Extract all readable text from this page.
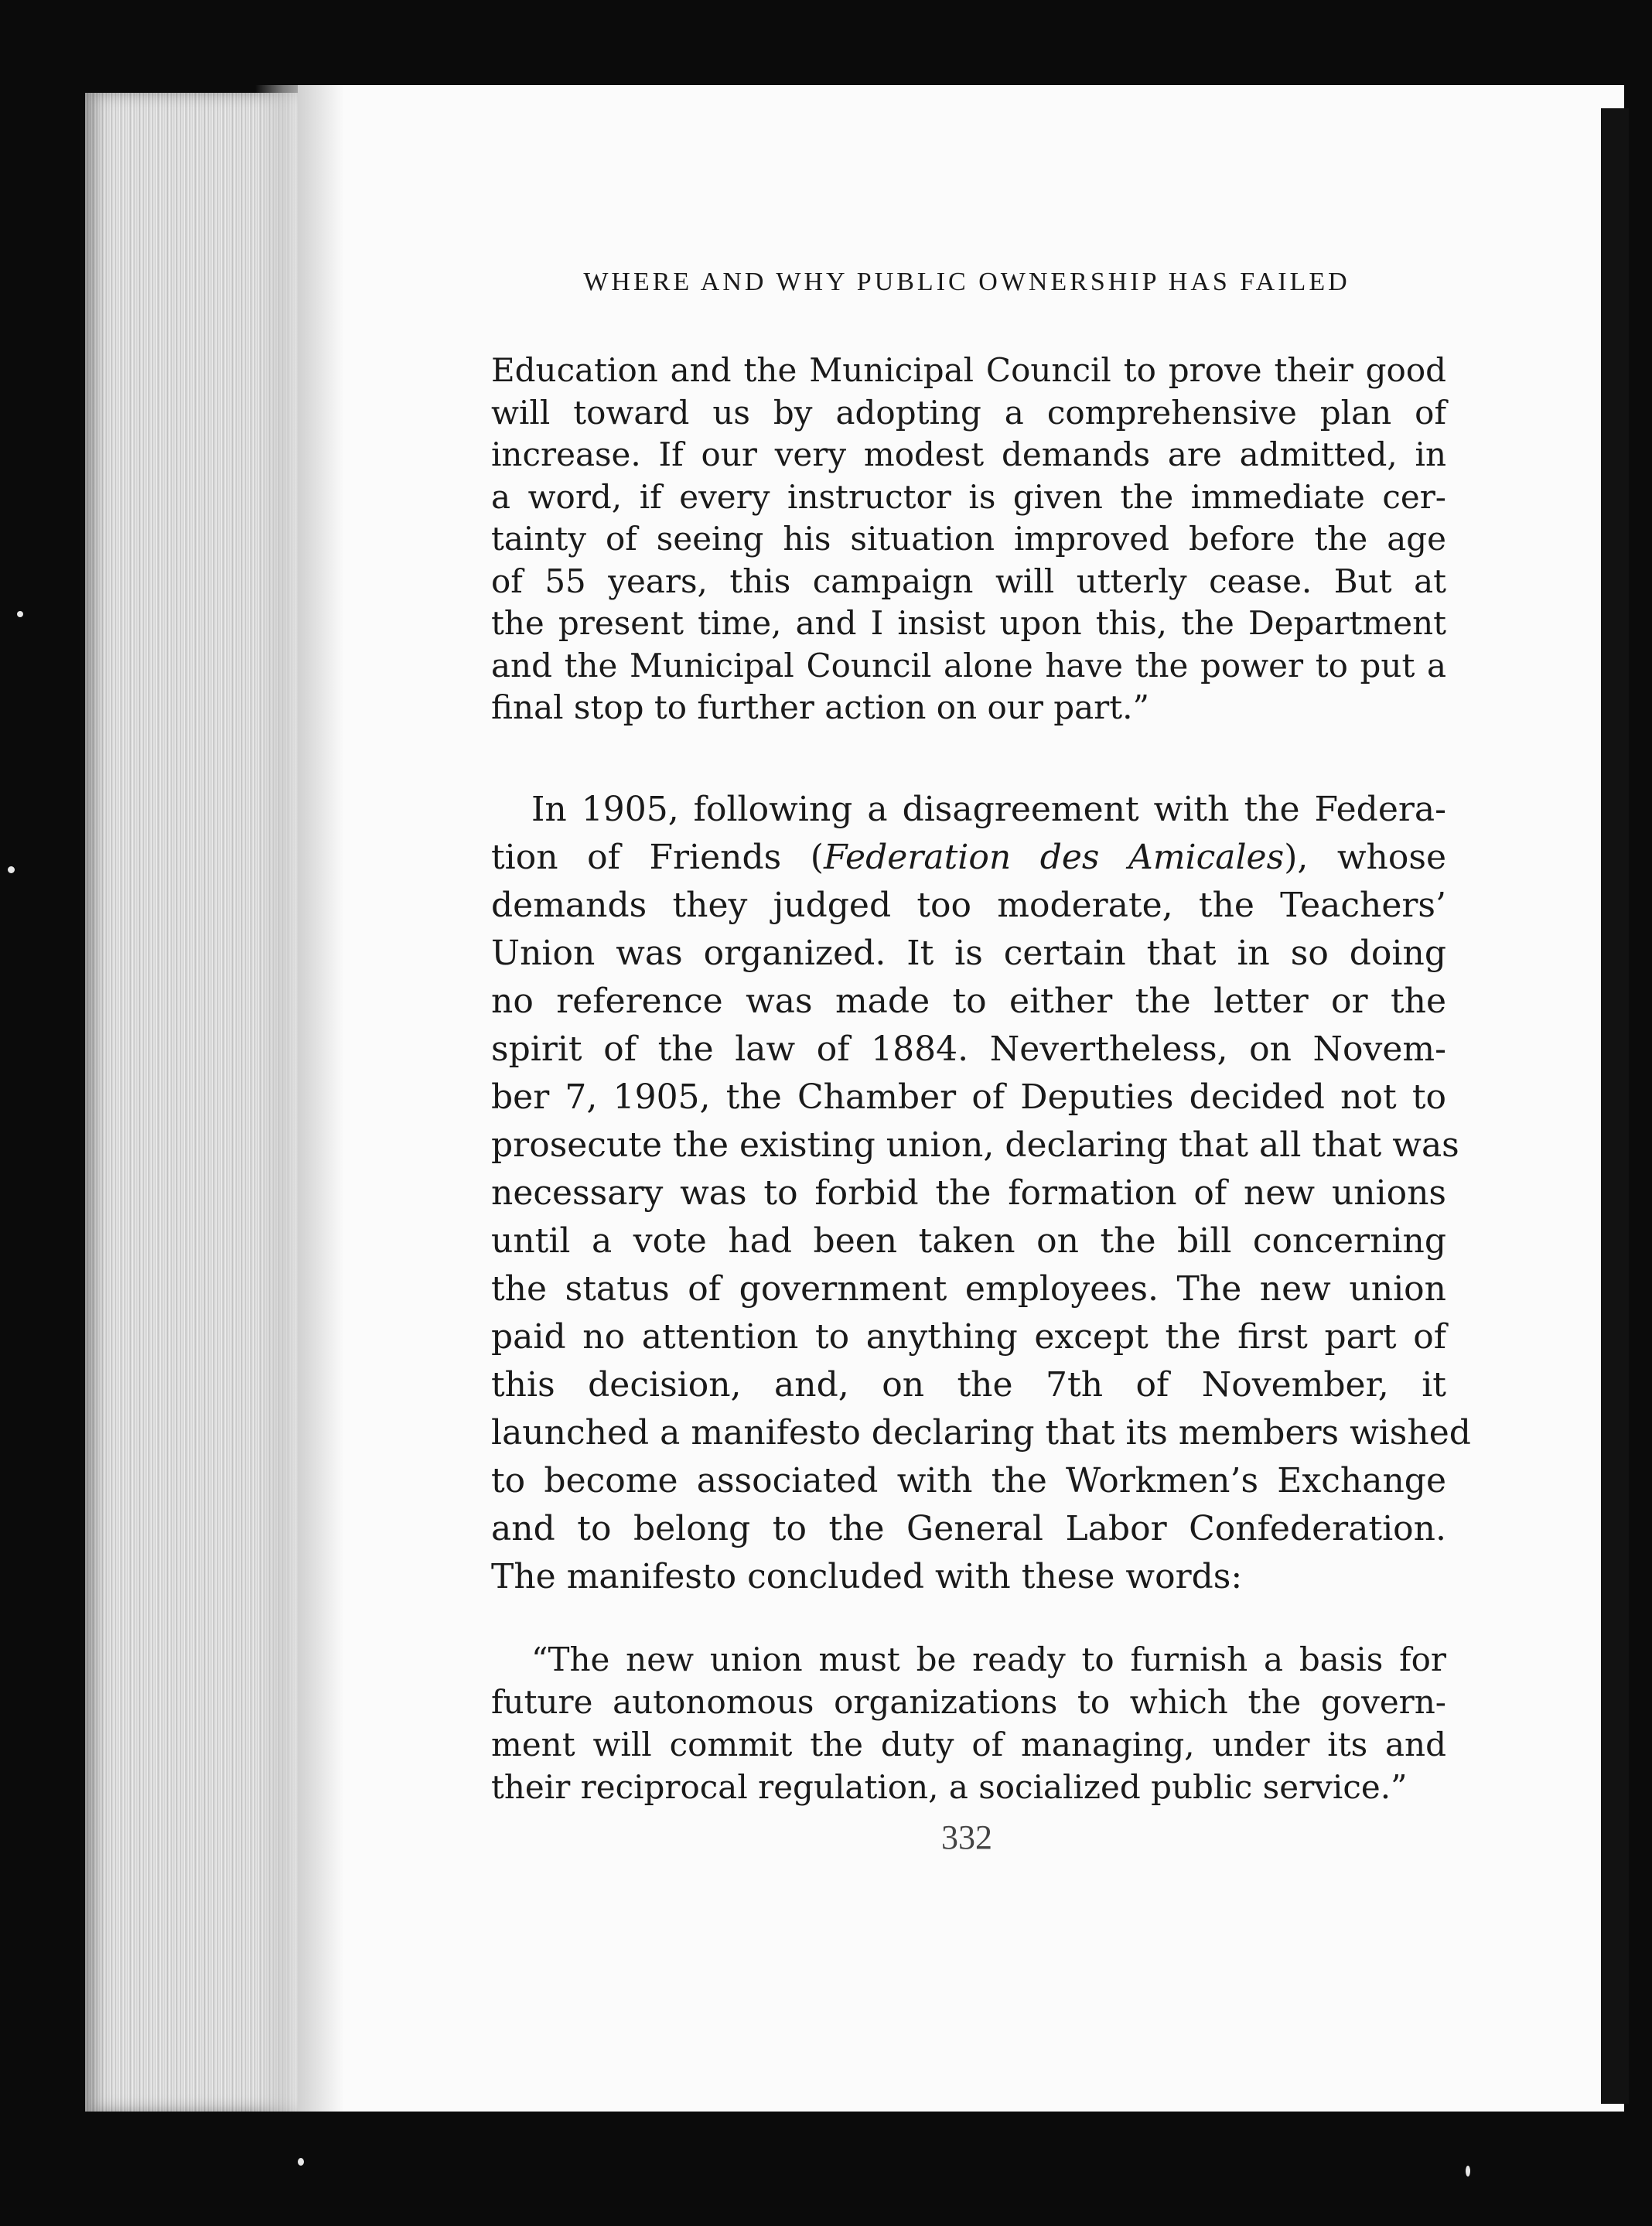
WHERE AND WHY PUBLIC OWNERSHIP HAS FAILED

Education and the Municipal Council to prove their good
will toward us by adopting a comprehensive plan of
increase. If our very modest demands are admitted, in
a word, if every instructor is given the immediate cer-
tainty of seeing his situation improved before the age
of 55 years, this campaign will utterly cease. But at
the present time, and I insist upon this, the Department
and the Municipal Council alone have the power to put a
final stop to further action on our part.”

In 1905, following a disagreement with the Federa-
tion of Friends (Federation des Amicales), whose
demands they judged too moderate, the Teachers’
Union was organized. It is certain that in so doing
no reference was made to either the letter or the
spirit of the law of 1884. Nevertheless, on Novem-
ber 7, 1905, the Chamber of Deputies decided not to
prosecute the existing union, declaring that all that was
necessary was to forbid the formation of new unions
until a vote had been taken on the bill concerning
the status of government employees. The new union
paid no attention to anything except the first part of
this decision, and, on the 7th of November, it
launched a manifesto declaring that its members wished
to become associated with the Workmen’s Exchange
and to belong to the General Labor Confederation.
The manifesto concluded with these words:

“The new union must be ready to furnish a basis for
future autonomous organizations to which the govern-
ment will commit the duty of managing, under its and
their reciprocal regulation, a socialized public service.”

332
